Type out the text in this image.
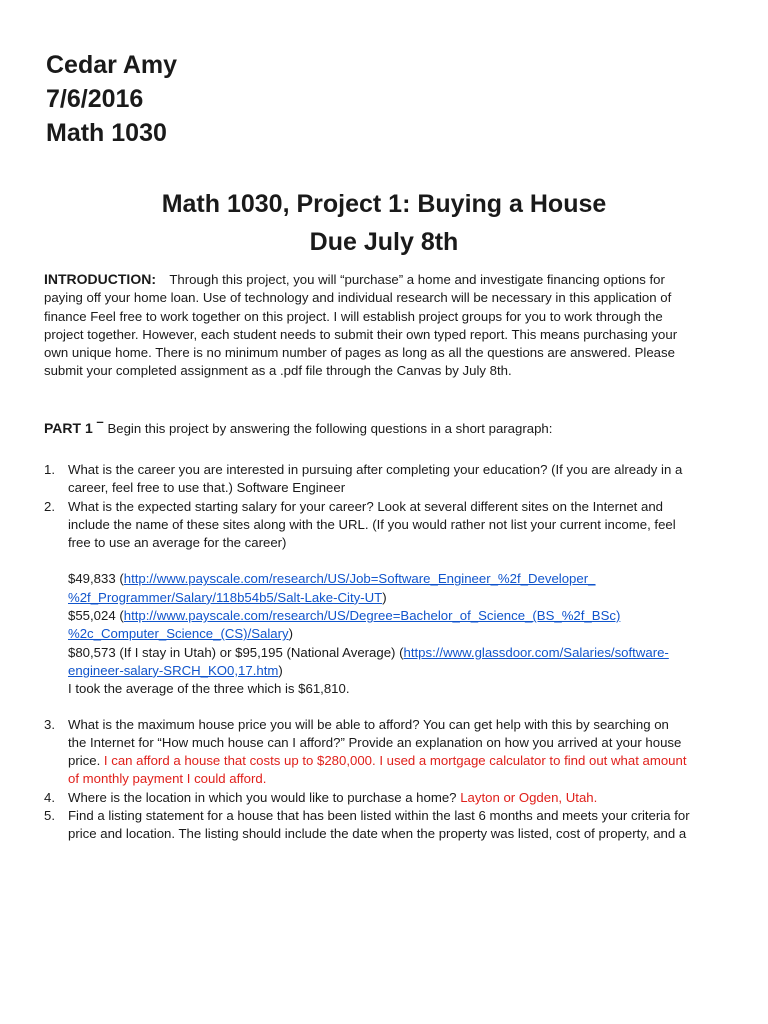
Cedar Amy
7/6/2016
Math 1030
Math 1030, Project 1: Buying a House
Due July 8th
INTRODUCTION: Through this project, you will “purchase” a home and investigate financing options for
paying off your home loan. Use of technology and individual research will be necessary in this application of
finance Feel free to work together on this project. I will establish project groups for you to work through the
project together. However, each student needs to submit their own typed report. This means purchasing your
own unique home. There is no minimum number of pages as long as all the questions are answered. Please
submit your completed assignment as a .pdf file through the Canvas by July 8th.
PART 1 – Begin this project by answering the following questions in a short paragraph:
1. What is the career you are interested in pursuing after completing your education? (If you are already in a
career, feel free to use that.) Software Engineer
2. What is the expected starting salary for your career? Look at several different sites on the Internet and
include the name of these sites along with the URL. (If you would rather not list your current income, feel
free to use an average for the career)
$49,833 (http://www.payscale.com/research/US/Job=Software_Engineer_%2f_Developer_
%2f_Programmer/Salary/118b54b5/Salt-Lake-City-UT)
$55,024 (http://www.payscale.com/research/US/Degree=Bachelor_of_Science_(BS_%2f_BSc)
%2c_Computer_Science_(CS)/Salary)
$80,573 (If I stay in Utah) or $95,195 (National Average) (https://www.glassdoor.com/Salaries/software-
engineer-salary-SRCH_KO0,17.htm)
I took the average of the three which is $61,810.
3. What is the maximum house price you will be able to afford? You can get help with this by searching on
the Internet for “How much house can I afford?” Provide an explanation on how you arrived at your house
price. I can afford a house that costs up to $280,000. I used a mortgage calculator to find out what amount
of monthly payment I could afford.
4. Where is the location in which you would like to purchase a home? Layton or Ogden, Utah.
5. Find a listing statement for a house that has been listed within the last 6 months and meets your criteria for
price and location. The listing should include the date when the property was listed, cost of property, and a
